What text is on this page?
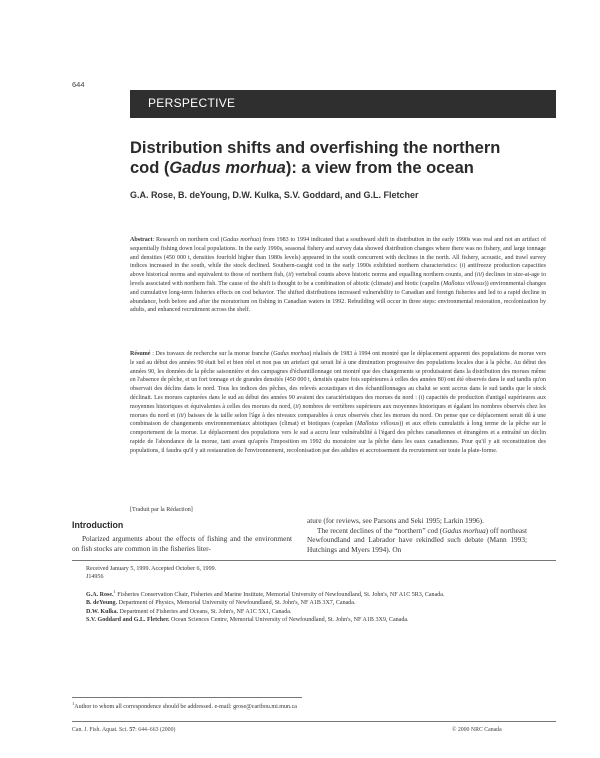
644
PERSPECTIVE
Distribution shifts and overfishing the northern
cod (Gadus morhua): a view from the ocean
G.A. Rose, B. deYoung, D.W. Kulka, S.V. Goddard, and G.L. Fletcher
Abstract: Research on northern cod (Gadus morhua) from 1983 to 1994 indicated that a southward shift in distribution in the early 1990s was real and not an artifact of sequentially fishing down local populations. In the early 1990s, seasonal fishery and survey data showed distribution changes where there was no fishery, and large tonnage and densities (450 000 t, densities fourfold higher than 1980s levels) appeared in the south concurrent with declines in the north. All fishery, acoustic, and trawl survey indices increased in the south, while the stock declined. Southern-caught cod in the early 1990s exhibited northern characteristics: (i) antifreeze production capacities above historical norms and equivalent to those of northern fish, (ii) vertebral counts above historic norms and equalling northern counts, and (iii) declines in size-at-age to levels associated with northern fish. The cause of the shift is thought to be a combination of abiotic (climate) and biotic (capelin (Mallotus villosus)) environmental changes and cumulative long-term fisheries effects on cod behavior. The shifted distributions increased vulnerability to Canadian and foreign fisheries and led to a rapid decline in abundance, both before and after the moratorium on fishing in Canadian waters in 1992. Rebuilding will occur in three steps: environmental restoration, recolonization by adults, and enhanced recruitment across the shelf.
Résumé : Des travaux de recherche sur la morue franche (Gadus morhua) réalisés de 1983 à 1994 ont montré que le déplacement apparent des populations de morue vers le sud au début des années 90 était bel et bien réel et non pas un artefact qui serait lié à une diminution progressive des populations locales due à la pêche. Au début des années 90, les données de la pêche saisonnière et des campagnes d'échantillonnage ont montré que des changements se produisaient dans la distribution des morues même en l'absence de pêche, et un fort tonnage et de grandes densités (450 000 t, densités quatre fois supérieures à celles des années 80) ont été observés dans le sud tandis qu'on observait des déclins dans le nord. Tous les indices des pêches, des relevés acoustiques et des échantillonnages au chalut se sont accrus dans le sud tandis que le stock déclinait. Les morues capturées dans le sud au début des années 90 avaient des caractéristiques des morues du nord : (i) capacités de production d'antigel supérieures aux moyennes historiques et équivalentes à celles des morues du nord, (ii) nombres de vertèbres supérieurs aux moyennes historiques et égalant les nombres observés chez les morues du nord et (iii) baisses de la taille selon l'âge à des niveaux comparables à ceux observés chez les morues du nord. On pense que ce déplacement serait dû à une combinaison de changements environnementaux abiotiques (climat) et biotiques (capelan (Mallotus villosus)) et aux effets cumulatifs à long terme de la pêche sur le comportement de la morue. Le déplacement des populations vers le sud a accru leur vulnérabilité à l'égard des pêches canadiennes et étrangères et a entraîné un déclin rapide de l'abondance de la morue, tant avant qu'après l'imposition en 1992 du moratoire sur la pêche dans les eaux canadiennes. Pour qu'il y ait reconstitution des populations, il faudra qu'il y ait restauration de l'environnement, recolonisation par des adultes et accroissement du recrutement sur toute la plate-forme.
[Traduit par la Rédaction]
Introduction
Polarized arguments about the effects of fishing and the environment on fish stocks are common in the fisheries liter-

ature (for reviews, see Parsons and Seki 1995; Larkin 1996).

The recent declines of the “northern” cod (Gadus morhua) off northeast Newfoundland and Labrador have rekindled such debate (Mann 1993; Hutchings and Myers 1994). On

Received January 5, 1999. Accepted October 6, 1999.

J14956

G.A. Rose.$^1$ Fisheries Conservation Chair, Fisheries and Marine Institute, Memorial University of Newfoundland, St. John's, NF A1C 5R3, Canada.

B. deYoung. Department of Physics, Memorial University of Newfoundland, St. John's, NF A1B 3X7, Canada.

D.W. Kulka. Department of Fisheries and Oceans, St. John's, NF A1C 5X1, Canada.

S.V. Goddard and G.L. Fletcher. Ocean Sciences Centre, Memorial University of Newfoundland, St. John's, NF A1B 3X9, Canada.

$^1$Author to whom all correspondence should be addressed. e-mail: grose@caribou.mi.mun.ca
Can. J. Fish. Aquat. Sci. 57: 644–663 (2000)	© 2000 NRC Canada
